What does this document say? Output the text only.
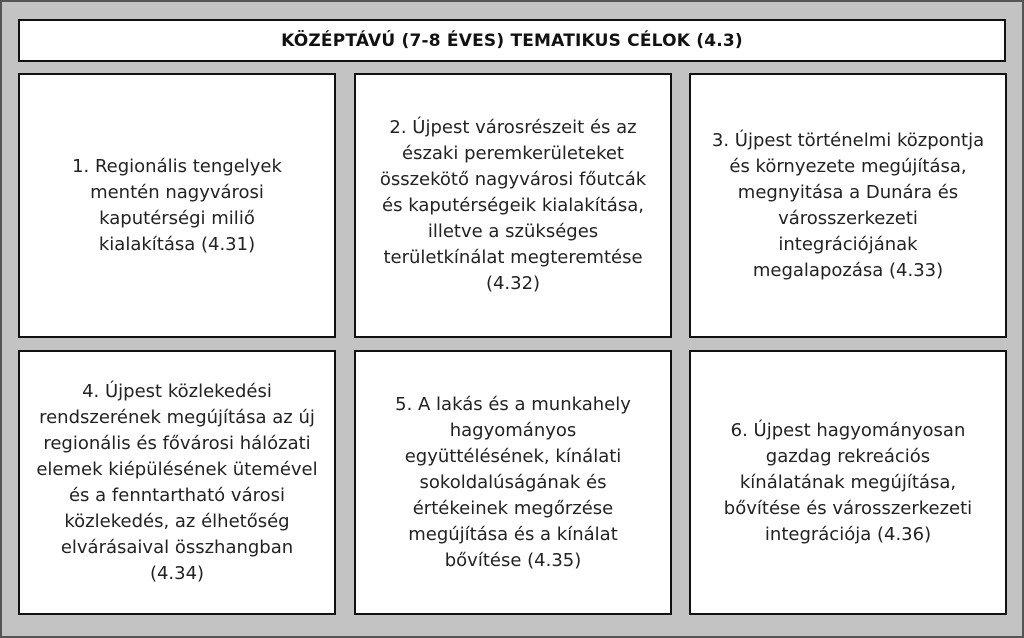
KÖZÉPTÁVÚ (7-8 ÉVES) TEMATIKUS CÉLOK (4.3)
1. Regionális tengelyek mentén nagyvárosi kaputérségi miliő kialakítása (4.31)
2. Újpest városrészeit és az északi peremkerületeket összekötő nagyvárosi főutcák és kaputérségeik kialakítása, illetve a szükséges területkínálat megteremtése (4.32)
3. Újpest történelmi központja és környezete megújítása, megnyitása a Dunára és városszerkezeti integrációjának megalapozása (4.33)
4. Újpest közlekedési rendszerének megújítása az új regionális és fővárosi hálózati elemek kiépülésének ütemével és a fenntartható városi közlekedés, az élhetőség elvárásaival összhangban (4.34)
5. A lakás és a munkahely hagyományos együttélésének, kínálati sokoldalúságának és értékeinek megőrzése megújítása és a kínálat bővítése (4.35)
6. Újpest hagyományosan gazdag rekreációs kínálatának megújítása, bővítése és városszerkezeti integrációja (4.36)
